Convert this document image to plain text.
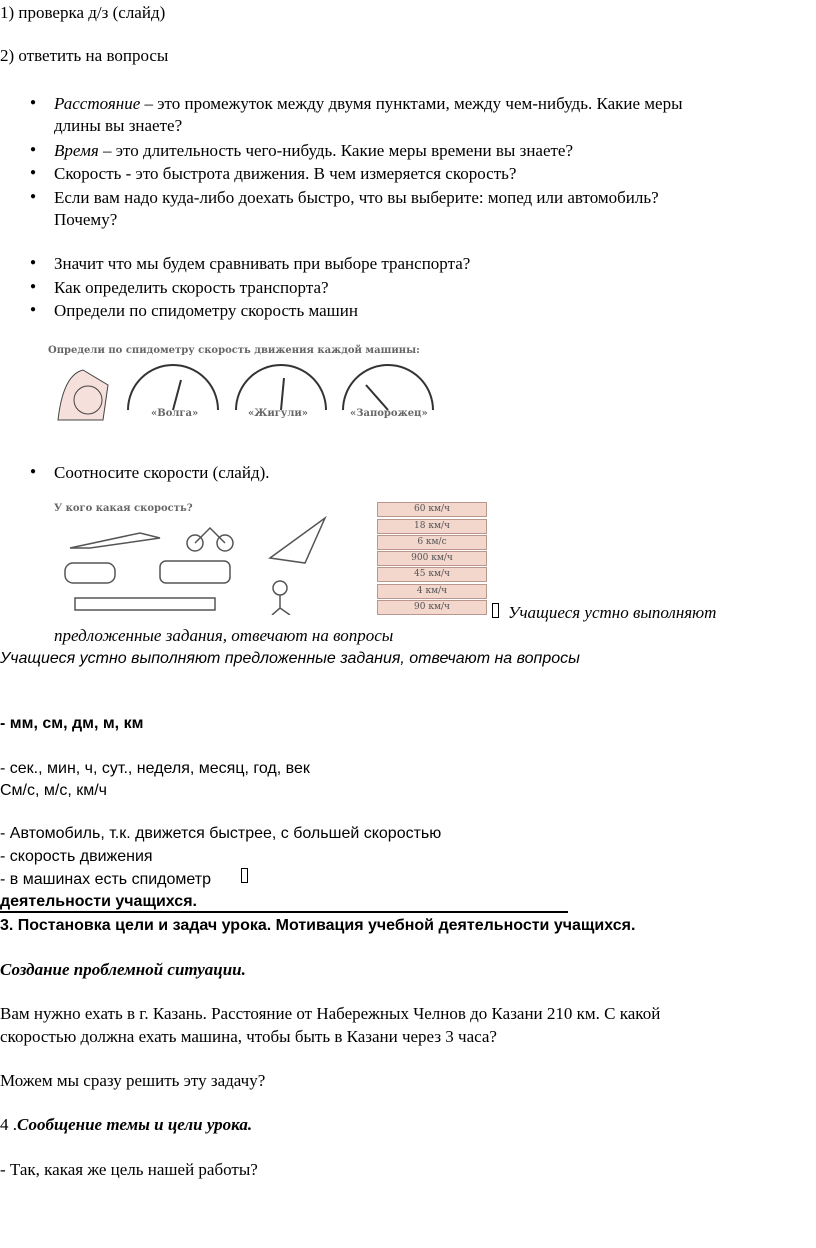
1) проверка д/з (слайд)
2) ответить на вопросы
● Расстояние – это промежуток между двумя пунктами, между чем-нибудь. Какие меры
длины вы знаете?
● Время – это длительность чего-нибудь. Какие меры времени вы знаете?
● Скорость - это быстрота движения. В чем измеряется скорость?
● Если вам надо куда-либо доехать быстро, что вы выберите: мопед или автомобиль?
Почему?
● Значит что мы будем сравнивать при выборе транспорта?
● Как определить скорость транспорта?
● Определи по спидометру скорость машин
Определи по спидометру скорость движения каждой машины:
«Волга»	«Жигули»	«Запорожец»
● Соотносите скорости (слайд).
У кого какая скорость?	60 км/ч
18 км/ч
6 км/с
900 км/ч
45 км/ч
4 км/ч
90 км/ч	Учащиеся устно выполняют
предложенные задания, отвечают на вопросы
Учащиеся устно выполняют предложенные задания, отвечают на вопросы
- мм, см, дм, м, км
- сек., мин, ч, сут., неделя, месяц, год, век
См/с, м/с, км/ч
- Автомобиль, т.к. движется быстрее, с большей скоростью
- скорость движения
- в машинах есть спидометр
деятельности учащихся.
3. Постановка цели и задач урока. Мотивация учебной деятельности учащихся.
Создание проблемной ситуации.
Вам нужно ехать в г. Казань. Расстояние от Набережных Челнов до Казани 210 км. С какой
скоростью должна ехать машина, чтобы быть в Казани через 3 часа?
Можем мы сразу решить эту задачу?
4 .Сообщение темы и цели урока.
- Так, какая же цель нашей работы?
